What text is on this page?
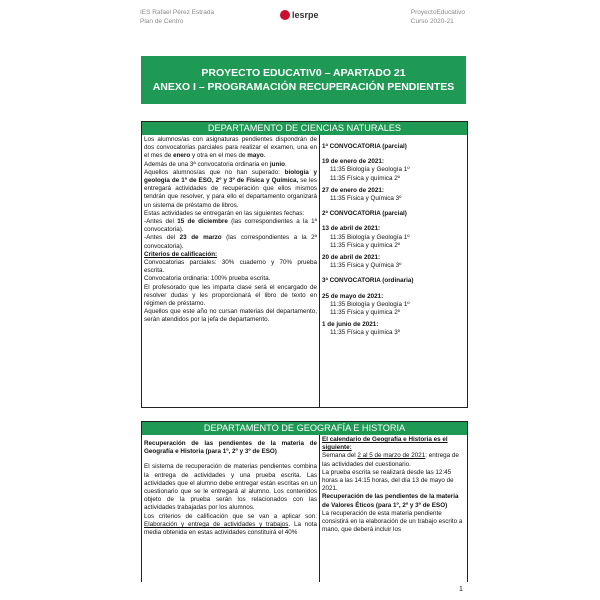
IES Rafael Pérez Estrada
Plan de Centro
lesrpe	ProyectoEducativo
Curso 2020-21
PROYECTO EDUCATIV0 – APARTADO 21
ANEXO I – PROGRAMACIÓN RECUPERACIÓN PENDIENTES
DEPARTAMENTO DE CIENCIAS NATURALES
Los alumnos/as con asignaturas pendientes dispondrán de dos convocatorias parciales para realizar el examen, una en el mes de enero y otra en el mes de mayo.
Además de una 3ª convocatoria ordinaria en junio.
Aquellos alumnos/as que no han superado: biología y geología de 1º de ESO, 2º y 3º de Física y Química, se les entregará actividades de recuperación que ellos mismos tendrán que resolver, y para ello el departamento organizará un sistema de préstamo de libros.
Estas actividades se entregarán en las siguientes fechas:
-Antes del 15 de diciembre (las correspondientes a la 1ª convocatoria).
-Antes del 23 de marzo (las correspondientes a la 2ª convocatoria).
Criterios de calificación:
Convocatorias parciales: 30% cuaderno y 70% prueba escrita.
Convocatoria ordinaria: 100% prueba escrita.
El profesorado que les imparta clase será el encargado de resolver dudas y les proporcionará el libro de texto en régimen de préstamo.
Aquellos que este año no cursan materias del departamento, serán atendidos por la jefa de departamento.
1ª CONVOCATORIA (parcial)
19 de enero de 2021:
11:35 Biología y Geología 1º
11:35 Física y química 2º
27 de enero de 2021:
11:35 Física y Química 3º
2ª CONVOCATORIA (parcial)
13 de abril de 2021:
11:35 Biología y Geología 1º
11:35 Física y química 2º
20 de abril de 2021:
11:35 Física y Química 3º
3ª CONVOCATORIA (ordinaria)
25 de mayo de 2021:
11:35 Biología y Geología 1º
11:35 Física y química 2º
1 de junio de 2021:
11:35 Física y química 3º
DEPARTAMENTO DE GEOGRAFÍA E HISTORIA
Recuperación de las pendientes de la materia de Geografía e Historia (para 1º, 2º y 3º de ESO)
El sistema de recuperación de materias pendientes combina la entrega de actividades y una prueba escrita. Las actividades que el alumno debe entregar están escritas en un cuestionario que se le entregará al alumno. Los contenidos objeto de la prueba serán los relacionados con las actividades trabajadas por los alumnos.
Los criterios de calificación que se van a aplicar son: Elaboración y entrega de actividades y trabajos. La nota media obtenida en estas actividades constituirá el 40%
El calendario de Geografía e Historia es el siguiente:
Semana del 2 al 5 de marzo de 2021: entrega de las actividades del cuestionario.
La prueba escrita se realizará desde las 12:45 horas a las 14:15 horas, del día 13 de mayo de 2021.
Recuperación de las pendientes de la materia de Valores Éticos (para 1º, 2º y 3º de ESO)
La recuperación de esta materia pendiente consistirá en la elaboración de un trabajo escrito a mano, que deberá incluir los
1
